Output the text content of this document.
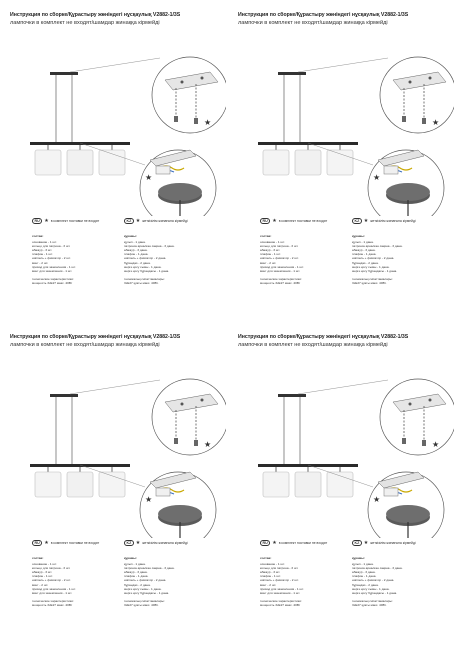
Инструкция по сборке/Құрастыру жөніндегі нұсқаулық V2882-1/3S
лампочки в комплект не входят/шамдар жинаққа кірмейді
RU ★ в комплект поставки не входят	KZ ★ жеткізілім жинағына кірмейді
состав:
основание - 1 шт.
кольцо для патрона - 3 шт.
абажур - 3 шт.
плафон - 1 шт.
ниппель + фиксатор - 2 шт.
винт - 2 шт.
провод для заземления - 1 шт.
винт для заземления - 1 шт.
технические характеристики:
мощность 3xE27 макс. 40Вт
құрамы:
құлып - 1 дана.
патронға арналған сақина - 3 дана.
абажур - 3 дана.
плафон - 1 дана.
ниппель + фиксатор - 2 дана.
бұрандаs - 2 дана.
жерге қосу сымы - 1 дана.
жерге қосу бұрандасы - 1 дана.
техникалық сипаттамалары:
3xE27 қуаты макс. 40Вт.
Инструкция по сборке/Құрастыру жөніндегі нұсқаулық V2882-1/3S
лампочки в комплект не входят/шамдар жинаққа кірмейді
RU ★ в комплект поставки не входят	KZ ★ жеткізілім жинағына кірмейді
состав:
основание - 1 шт.
кольцо для патрона - 3 шт.
абажур - 3 шт.
плафон - 1 шт.
ниппель + фиксатор - 2 шт.
винт - 2 шт.
провод для заземления - 1 шт.
винт для заземления - 1 шт.
технические характеристики:
мощность 3xE27 макс. 40Вт
құрамы:
құлып - 1 дана.
патронға арналған сақина - 3 дана.
абажур - 3 дана.
плафон - 1 дана.
ниппель + фиксатор - 2 дана.
бұрандаs - 2 дана.
жерге қосу сымы - 1 дана.
жерге қосу бұрандасы - 1 дана.
техникалық сипаттамалары:
3xE27 қуаты макс. 40Вт.
Инструкция по сборке/Құрастыру жөніндегі нұсқаулық V2882-1/3S
лампочки в комплект не входят/шамдар жинаққа кірмейді
RU ★ в комплект поставки не входят	KZ ★ жеткізілім жинағына кірмейді
состав:
основание - 1 шт.
кольцо для патрона - 3 шт.
абажур - 3 шт.
плафон - 1 шт.
ниппель + фиксатор - 2 шт.
винт - 2 шт.
провод для заземления - 1 шт.
винт для заземления - 1 шт.
технические характеристики:
мощность 3xE27 макс. 40Вт
құрамы:
құлып - 1 дана.
патронға арналған сақина - 3 дана.
абажур - 3 дана.
плафон - 1 дана.
ниппель + фиксатор - 2 дана.
бұрандаs - 2 дана.
жерге қосу сымы - 1 дана.
жерге қосу бұрандасы - 1 дана.
техникалық сипаттамалары:
3xE27 қуаты макс. 40Вт.
Инструкция по сборке/Құрастыру жөніндегі нұсқаулық V2882-1/3S
лампочки в комплект не входят/шамдар жинаққа кірмейді
RU ★ в комплект поставки не входят	KZ ★ жеткізілім жинағына кірмейді
состав:
основание - 1 шт.
кольцо для патрона - 3 шт.
абажур - 3 шт.
плафон - 1 шт.
ниппель + фиксатор - 2 шт.
винт - 2 шт.
провод для заземления - 1 шт.
винт для заземления - 1 шт.
технические характеристики:
мощность 3xE27 макс. 40Вт
құрамы:
құлып - 1 дана.
патронға арналған сақина - 3 дана.
абажур - 3 дана.
плафон - 1 дана.
ниппель + фиксатор - 2 дана.
бұрандаs - 2 дана.
жерге қосу сымы - 1 дана.
жерге қосу бұрандасы - 1 дана.
техникалық сипаттамалары:
3xE27 қуаты макс. 40Вт.
